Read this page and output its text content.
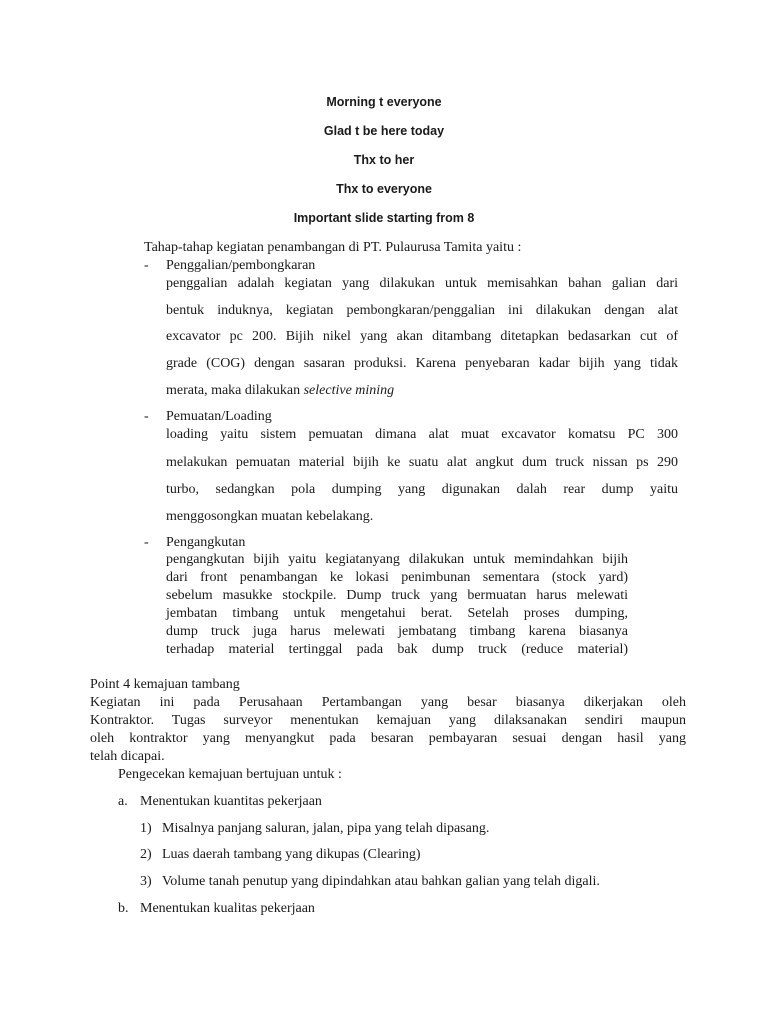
Morning t everyone
Glad t be here today
Thx to her
Thx to everyone
Important slide starting from 8
Tahap-tahap kegiatan penambangan di PT. Pulaurusa Tamita yaitu :
- Penggalian/pembongkaran
penggalian adalah kegiatan yang dilakukan untuk memisahkan bahan galian dari
bentuk induknya, kegiatan pembongkaran/penggalian ini dilakukan dengan alat
excavator pc 200. Bijih nikel yang akan ditambang ditetapkan bedasarkan cut of
grade (COG) dengan sasaran produksi. Karena penyebaran kadar bijih yang tidak
merata, maka dilakukan selective mining
- Pemuatan/Loading
loading yaitu sistem pemuatan dimana alat muat excavator komatsu PC 300
melakukan pemuatan material bijih ke suatu alat angkut dum truck nissan ps 290
turbo, sedangkan pola dumping yang digunakan dalah rear dump yaitu
menggosongkan muatan kebelakang.
- Pengangkutan
pengangkutan bijih yaitu kegiatanyang dilakukan untuk memindahkan bijih
dari front penambangan ke lokasi penimbunan sementara (stock yard)
sebelum masukke stockpile. Dump truck yang bermuatan harus melewati
jembatan timbang untuk mengetahui berat. Setelah proses dumping,
dump truck juga harus melewati jembatang timbang karena biasanya
terhadap material tertinggal pada bak dump truck (reduce material)
Point 4 kemajuan tambang
Kegiatan ini pada Perusahaan Pertambangan yang besar biasanya dikerjakan oleh
Kontraktor. Tugas surveyor menentukan kemajuan yang dilaksanakan sendiri maupun
oleh kontraktor yang menyangkut pada besaran pembayaran sesuai dengan hasil yang
telah dicapai.
Pengecekan kemajuan bertujuan untuk :
a. Menentukan kuantitas pekerjaan
1) Misalnya panjang saluran, jalan, pipa yang telah dipasang.
2) Luas daerah tambang yang dikupas (Clearing)
3) Volume tanah penutup yang dipindahkan atau bahkan galian yang telah digali.
b. Menentukan kualitas pekerjaan
